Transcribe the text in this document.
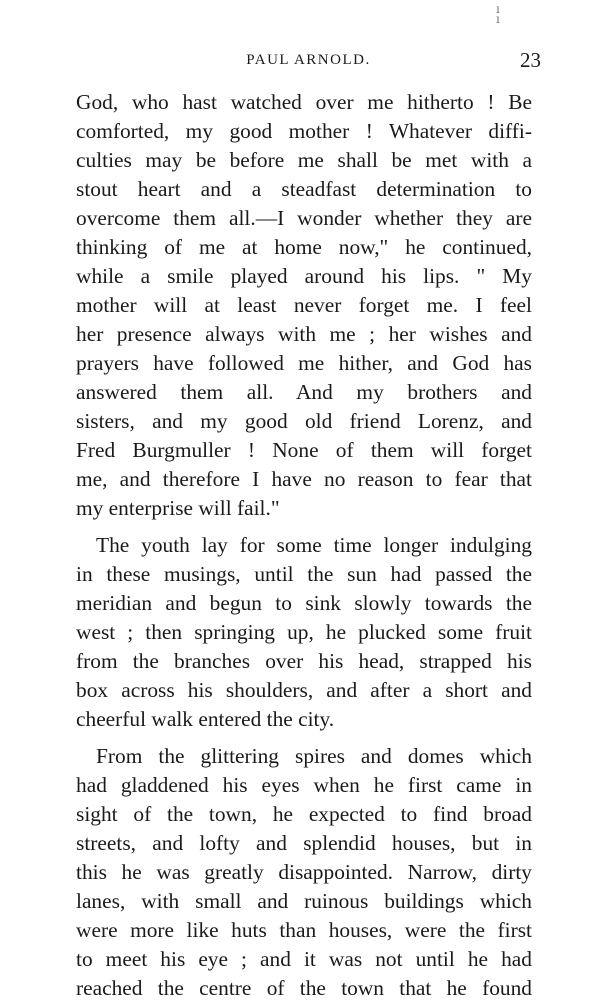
ı
ı
PAUL ARNOLD.	23
God, who hast watched over me hitherto ! Be
comforted, my good mother ! Whatever diffi-
culties may be before me shall be met with a
stout heart and a steadfast determination to
overcome them all.—I wonder whether they are
thinking of me at home now," he continued,
while a smile played around his lips. " My
mother will at least never forget me. I feel
her presence always with me ; her wishes and
prayers have followed me hither, and God has
answered them all. And my brothers and
sisters, and my good old friend Lorenz, and
Fred Burgmuller ! None of them will forget
me, and therefore I have no reason to fear that
my enterprise will fail."
The youth lay for some time longer indulging
in these musings, until the sun had passed the
meridian and begun to sink slowly towards the
west ; then springing up, he plucked some fruit
from the branches over his head, strapped his
box across his shoulders, and after a short and
cheerful walk entered the city.
From the glittering spires and domes which
had gladdened his eyes when he first came in
sight of the town, he expected to find broad
streets, and lofty and splendid houses, but in
this he was greatly disappointed. Narrow, dirty
lanes, with small and ruinous buildings which
were more like huts than houses, were the first
to meet his eye ; and it was not until he had
reached the centre of the town that he found
